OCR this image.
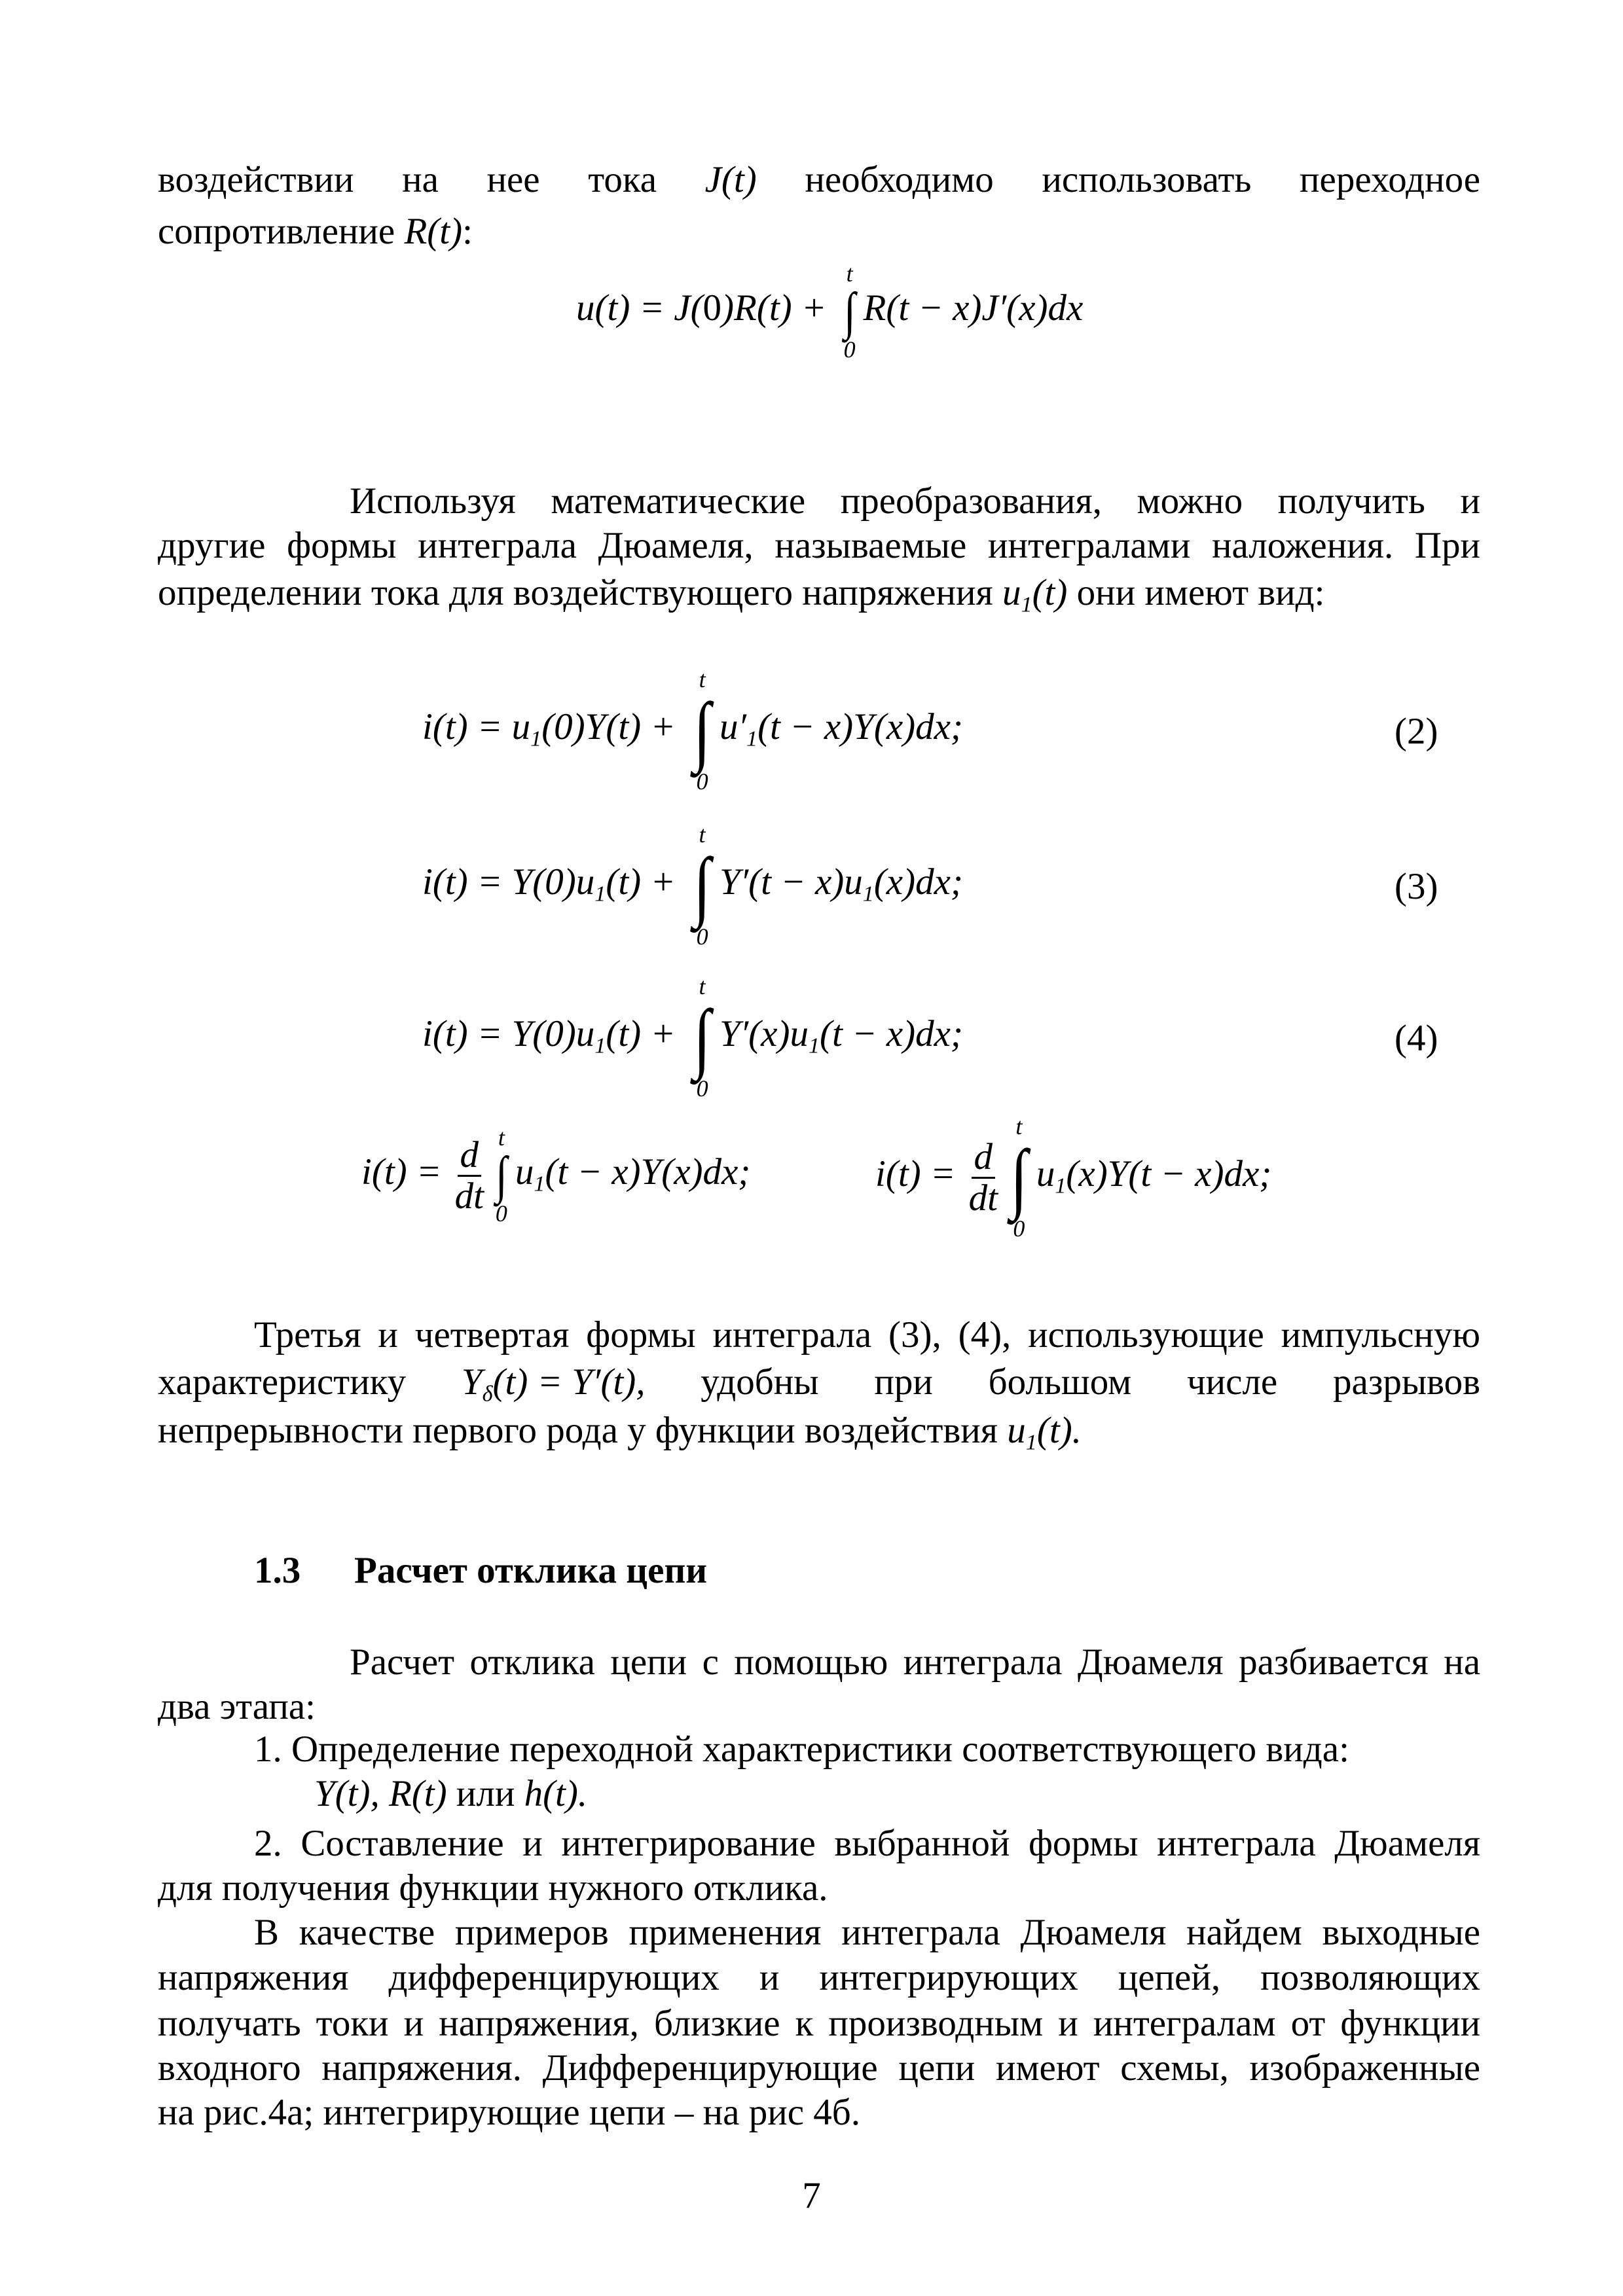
воздействии на нее тока J(t) необходимо использовать переходное
сопротивление R(t):
u(t) = J(0)R(t) +
t
∫
0
R(t − x)J′(x)dx
Используя математические преобразования, можно получить и
другие формы интеграла Дюамеля, называемые интегралами наложения. При
определении тока для воздействующего напряжения $u_1(t)$ они имеют вид:
$i(t) = u_1(0)Y(t)$ +
t
∫
0
$u'_1(t - x)Y(x)dx$;	(2)
$i(t) = Y(0)u_1(t)$ +
t
∫
0
$Y'(t - x)u_1(x)dx$;	(3)
$i(t) = Y(0)u_1(t)$ +
t
∫
0
$Y'(x)u_1(t - x)dx$;	(4)
$i(t) = \frac{d}{dt}$ t
∫
0
$u_1(t - x)Y(x)dx$;	$i(t) = \frac{d}{dt}$
t
∫
0
$u_1(x)Y(t - x)dx$;
Третья и четвертая формы интеграла (3), (4), использующие импульсную
характеристику $Y_\delta(t) = Y'(t)$, удобны при большом числе разрывов
непрерывности первого рода у функции воздействия $u_1(t)$.
1.3 Расчет отклика цепи
Расчет отклика цепи с помощью интеграла Дюамеля разбивается на
два этапа:
1. Определение переходной характеристики соответствующего вида:
Y(t), R(t) или h(t).
2. Составление и интегрирование выбранной формы интеграла Дюамеля
для получения функции нужного отклика.
В качестве примеров применения интеграла Дюамеля найдем выходные
напряжения дифференцирующих и интегрирующих цепей, позволяющих
получать токи и напряжения, близкие к производным и интегралам от функции
входного напряжения. Дифференцирующие цепи имеют схемы, изображенные
на рис.4а; интегрирующие цепи – на рис 4б.
7
